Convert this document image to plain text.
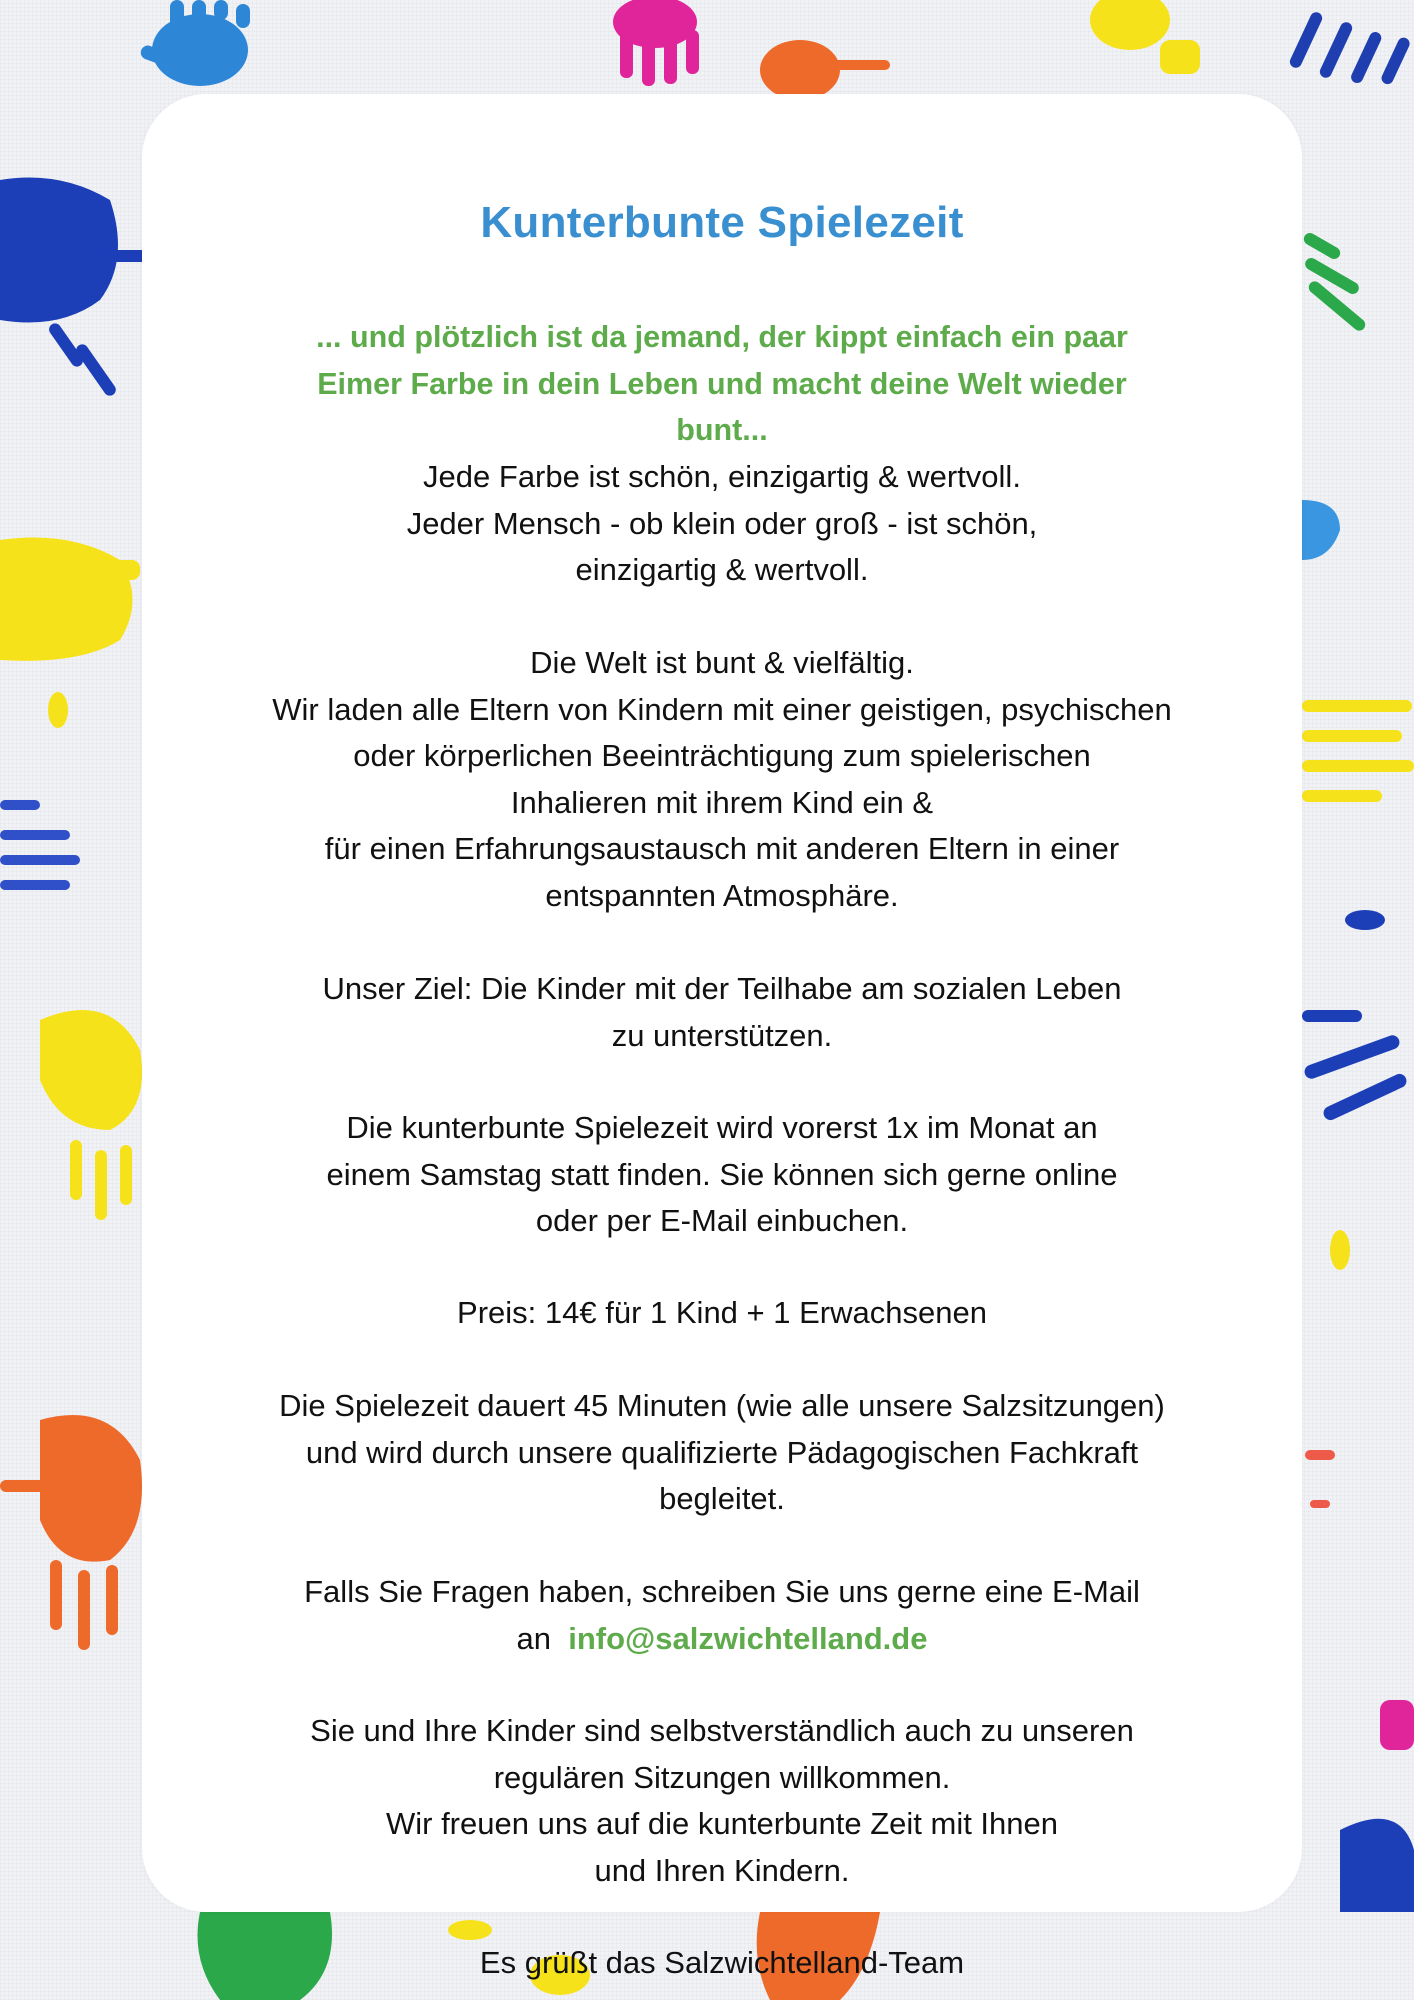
Kunterbunte Spielezeit

... und plötzlich ist da jemand, der kippt einfach ein paar
Eimer Farbe in dein Leben und macht deine Welt wieder
bunt...

Jede Farbe ist schön, einzigartig & wertvoll.
Jeder Mensch - ob klein oder groß - ist schön,
einzigartig & wertvoll.

Die Welt ist bunt & vielfältig.
Wir laden alle Eltern von Kindern mit einer geistigen, psychischen
oder körperlichen Beeinträchtigung zum spielerischen
Inhalieren mit ihrem Kind ein &
für einen Erfahrungsaustausch mit anderen Eltern in einer
entspannten Atmosphäre.

Unser Ziel: Die Kinder mit der Teilhabe am sozialen Leben
zu unterstützen.

Die kunterbunte Spielezeit wird vorerst 1x im Monat an
einem Samstag statt finden. Sie können sich gerne online
oder per E-Mail einbuchen.

Preis: 14€ für 1 Kind + 1 Erwachsenen

Die Spielezeit dauert 45 Minuten (wie alle unsere Salzsitzungen)
und wird durch unsere qualifizierte Pädagogischen Fachkraft
begleitet.

Falls Sie Fragen haben, schreiben Sie uns gerne eine E-Mail
an  info@salzwichtelland.de

Sie und Ihre Kinder sind selbstverständlich auch zu unseren
regulären Sitzungen willkommen.
Wir freuen uns auf die kunterbunte Zeit mit Ihnen
und Ihren Kindern.

Es grüßt das Salzwichtelland-Team
